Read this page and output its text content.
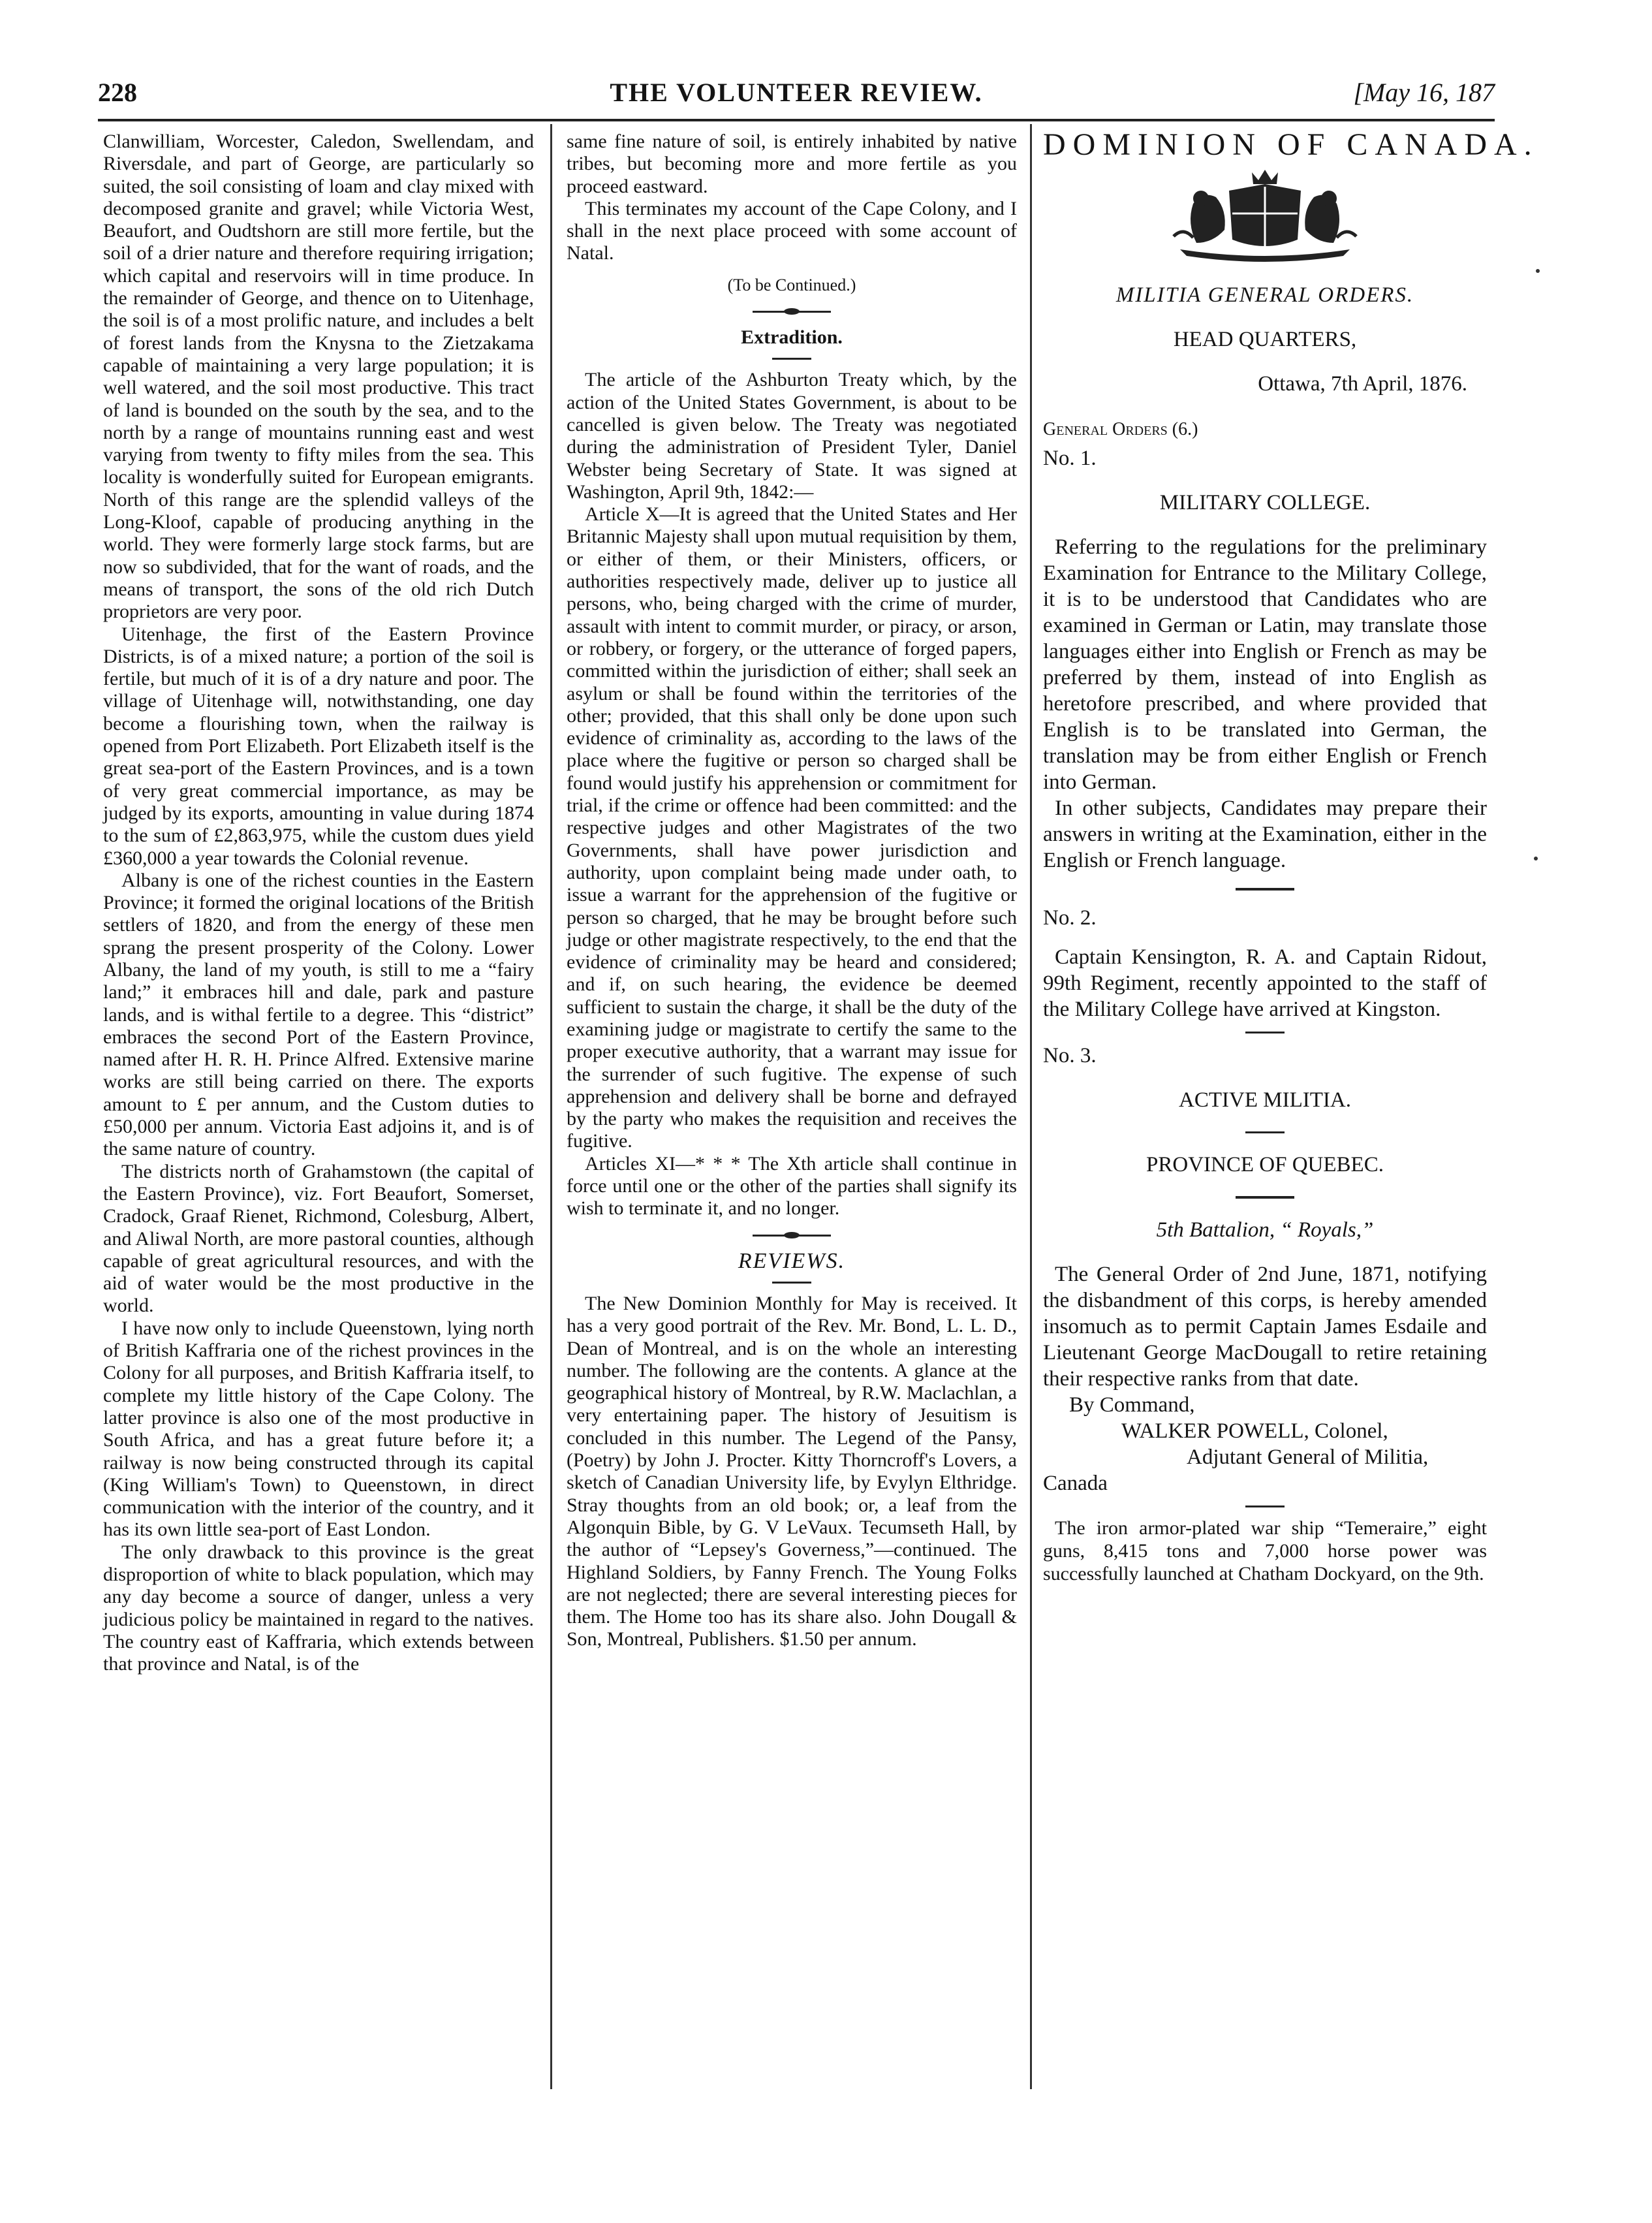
228	THE VOLUNTEER REVIEW.	[May 16, 187

Clanwilliam, Worcester, Caledon, Swellendam, and Riversdale, and part of George, are particularly so suited, the soil consisting of loam and clay mixed with decomposed granite and gravel; while Victoria West, Beaufort, and Oudtshorn are still more fertile, but the soil of a drier nature and therefore requiring irrigation; which capital and reservoirs will in time produce. In the remainder of George, and thence on to Uitenhage, the soil is of a most prolific nature, and includes a belt of forest lands from the Knysna to the Zietzakama capable of maintaining a very large population; it is well watered, and the soil most productive. This tract of land is bounded on the south by the sea, and to the north by a range of mountains running east and west varying from twenty to fifty miles from the sea. This locality is wonderfully suited for European emigrants. North of this range are the splendid valleys of the Long-Kloof, capable of producing anything in the world. They were formerly large stock farms, but are now so subdivided, that for the want of roads, and the means of transport, the sons of the old rich Dutch proprietors are very poor.

Uitenhage, the first of the Eastern Province Districts, is of a mixed nature; a portion of the soil is fertile, but much of it is of a dry nature and poor. The village of Uitenhage will, notwithstanding, one day become a flourishing town, when the railway is opened from Port Elizabeth. Port Elizabeth itself is the great sea-port of the Eastern Provinces, and is a town of very great commercial importance, as may be judged by its exports, amounting in value during 1874 to the sum of £2,863,975, while the custom dues yield £360,000 a year towards the Colonial revenue.

Albany is one of the richest counties in the Eastern Province; it formed the original locations of the British settlers of 1820, and from the energy of these men sprang the present prosperity of the Colony. Lower Albany, the land of my youth, is still to me a “fairy land;” it embraces hill and dale, park and pasture lands, and is withal fertile to a degree. This “district” embraces the second Port of the Eastern Province, named after H. R. H. Prince Alfred. Extensive marine works are still being carried on there. The exports amount to £ per annum, and the Custom duties to £50,000 per annum. Victoria East adjoins it, and is of the same nature of country.

The districts north of Grahamstown (the capital of the Eastern Province), viz. Fort Beaufort, Somerset, Cradock, Graaf Rienet, Richmond, Colesburg, Albert, and Aliwal North, are more pastoral counties, although capable of great agricultural resources, and with the aid of water would be the most productive in the world.

I have now only to include Queenstown, lying north of British Kaffraria one of the richest provinces in the Colony for all purposes, and British Kaffraria itself, to complete my little history of the Cape Colony. The latter province is also one of the most productive in South Africa, and has a great future before it; a railway is now being constructed through its capital (King William's Town) to Queenstown, in direct communication with the interior of the country, and it has its own little sea-port of East London.

The only drawback to this province is the great disproportion of white to black population, which may any day become a source of danger, unless a very judicious policy be maintained in regard to the natives. The country east of Kaffraria, which extends between that province and Natal, is of the

same fine nature of soil, is entirely inhabited by native tribes, but becoming more and more fertile as you proceed eastward.

This terminates my account of the Cape Colony, and I shall in the next place proceed with some account of Natal.

(To be Continued.)
Extradition.

The article of the Ashburton Treaty which, by the action of the United States Government, is about to be cancelled is given below. The Treaty was negotiated during the administration of President Tyler, Daniel Webster being Secretary of State. It was signed at Washington, April 9th, 1842:—

Article X—It is agreed that the United States and Her Britannic Majesty shall upon mutual requisition by them, or either of them, or their Ministers, officers, or authorities respectively made, deliver up to justice all persons, who, being charged with the crime of murder, assault with intent to commit murder, or piracy, or arson, or robbery, or forgery, or the utterance of forged papers, committed within the jurisdiction of either; shall seek an asylum or shall be found within the territories of the other; provided, that this shall only be done upon such evidence of criminality as, according to the laws of the place where the fugitive or person so charged shall be found would justify his apprehension or commitment for trial, if the crime or offence had been committed: and the respective judges and other Magistrates of the two Governments, shall have power jurisdiction and authority, upon complaint being made under oath, to issue a warrant for the apprehension of the fugitive or person so charged, that he may be brought before such judge or other magistrate respectively, to the end that the evidence of criminality may be heard and considered; and if, on such hearing, the evidence be deemed sufficient to sustain the charge, it shall be the duty of the examining judge or magistrate to certify the same to the proper executive authority, that a warrant may issue for the surrender of such fugitive. The expense of such apprehension and delivery shall be borne and defrayed by the party who makes the requisition and receives the fugitive.

Articles XI—* * * The Xth article shall continue in force until one or the other of the parties shall signify its wish to terminate it, and no longer.

REVIEWS.

The New Dominion Monthly for May is received. It has a very good portrait of the Rev. Mr. Bond, L. L. D., Dean of Montreal, and is on the whole an interesting number. The following are the contents. A glance at the geographical history of Montreal, by R.W. Maclachlan, a very entertaining paper. The history of Jesuitism is concluded in this number. The Legend of the Pansy, (Poetry) by John J. Procter. Kitty Thorncroff's Lovers, a sketch of Canadian University life, by Evylyn Elthridge. Stray thoughts from an old book; or, a leaf from the Algonquin Bible, by G. V LeVaux. Tecumseth Hall, by the author of “Lepsey's Governess,”—continued. The Highland Soldiers, by Fanny French. The Young Folks are not neglected; there are several interesting pieces for them. The Home too has its share also. John Dougall & Son, Montreal, Publishers. $1.50 per annum.

DOMINION OF CANADA.
MILITIA GENERAL ORDERS.
HEAD QUARTERS,
Ottawa, 7th April, 1876.
General Orders (6.)
No. 1.
MILITARY COLLEGE.

Referring to the regulations for the preliminary Examination for Entrance to the Military College, it is to be understood that Candidates who are examined in German or Latin, may translate those languages either into English or French as may be preferred by them, instead of into English as heretofore prescribed, and where provided that English is to be translated into German, the translation may be from either English or French into German.

In other subjects, Candidates may prepare their answers in writing at the Examination, either in the English or French language.

No. 2.

Captain Kensington, R. A. and Captain Ridout, 99th Regiment, recently appointed to the staff of the Military College have arrived at Kingston.

No. 3.
ACTIVE MILITIA.
PROVINCE OF QUEBEC.
5th Battalion, “ Royals,”

The General Order of 2nd June, 1871, notifying the disbandment of this corps, is hereby amended insomuch as to permit Captain James Esdaile and Lieutenant George MacDougall to retire retaining their respective ranks from that date.

By Command,

WALKER POWELL, Colonel,

Adjutant General of Militia,

Canada

The iron armor-plated war ship “Temeraire,” eight guns, 8,415 tons and 7,000 horse power was successfully launched at Chatham Dockyard, on the 9th.
